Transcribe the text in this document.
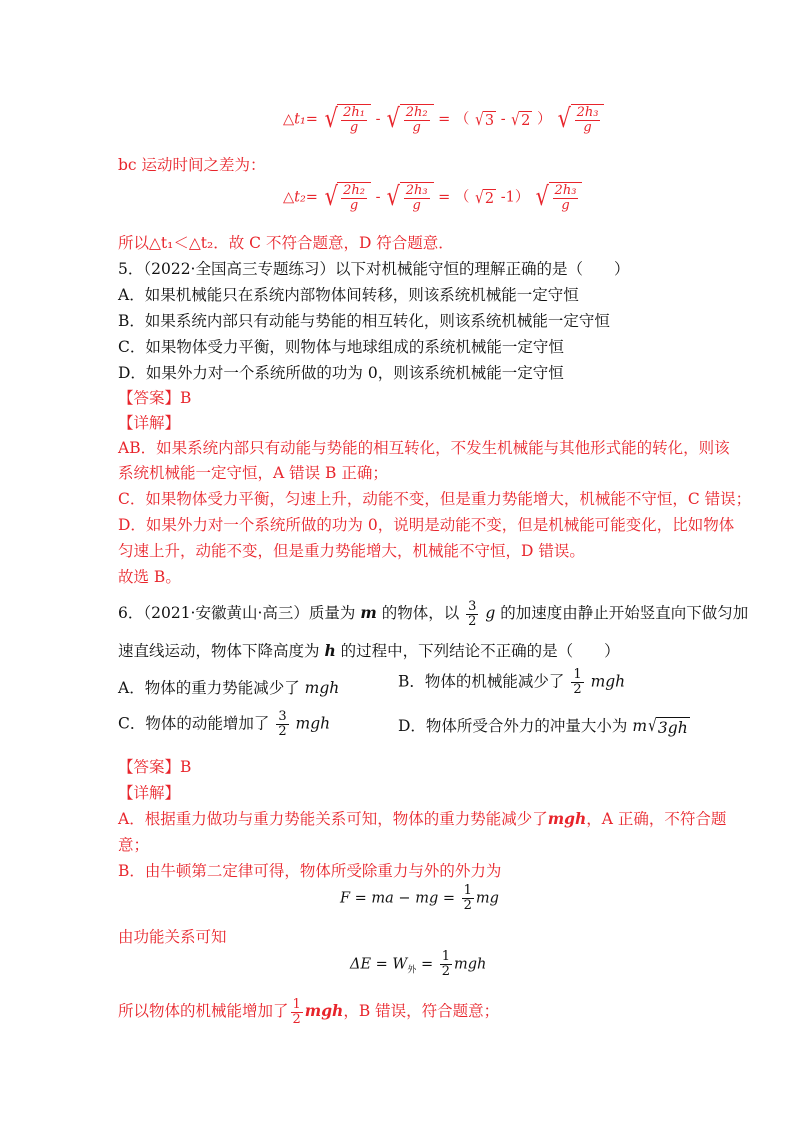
△t₁= √ $\frac{\text{2h₁}}{g}$ - √ $\frac{\text{2h₂}}{g}$ = （ √ 3 - √ 2 ） √ $\frac{\text{2h₃}}{g}$
bc 运动时间之差为：
△t₂= √ $\frac{\text{2h₂}}{g}$ - √ $\frac{\text{2h₃}}{g}$ = （ √ 2 -1） √ $\frac{\text{2h₃}}{g}$
所以△t₁＜△t₂．故 C 不符合题意，D 符合题意．
5．（2022·全国高三专题练习）以下对机械能守恒的理解正确的是（　　）
A．如果机械能只在系统内部物体间转移，则该系统机械能一定守恒
B．如果系统内部只有动能与势能的相互转化，则该系统机械能一定守恒
C．如果物体受力平衡，则物体与地球组成的系统机械能一定守恒
D．如果外力对一个系统所做的功为 0，则该系统机械能一定守恒
【答案】B
【详解】
AB．如果系统内部只有动能与势能的相互转化，不发生机械能与其他形式能的转化，则该
系统机械能一定守恒，A 错误 B 正确；
C．如果物体受力平衡，匀速上升，动能不变，但是重力势能增大，机械能不守恒，C 错误；
D．如果外力对一个系统所做的功为 0，说明是动能不变，但是机械能可能变化，比如物体
匀速上升，动能不变，但是重力势能增大，机械能不守恒，D 错误。
故选 B。
6．（2021·安徽黄山·高三）质量为 m 的物体，以 $\frac{3}{2}$ g 的加速度由静止开始竖直向下做匀加
速直线运动，物体下降高度为 h 的过程中，下列结论不正确的是（　　）
A．物体的重力势能减少了 mgh	B．物体的机械能减少了 $\frac{1}{2}$ mgh
C．物体的动能增加了 $\frac{3}{2}$ mgh	D．物体所受合外力的冲量大小为 m √ 3gh
【答案】B
【详解】
A．根据重力做功与重力势能关系可知，物体的重力势能减少了mgh，A 正确，不符合题
意；
B．由牛顿第二定律可得，物体所受除重力与外的外力为
F = ma − mg = $\frac{1}{2}$ mg
由功能关系可知
$\Delta E = W_外 = \frac{1}{2}$ mgh
所以物体的机械能增加了 $\frac{1}{2}$ mgh，B 错误，符合题意；
